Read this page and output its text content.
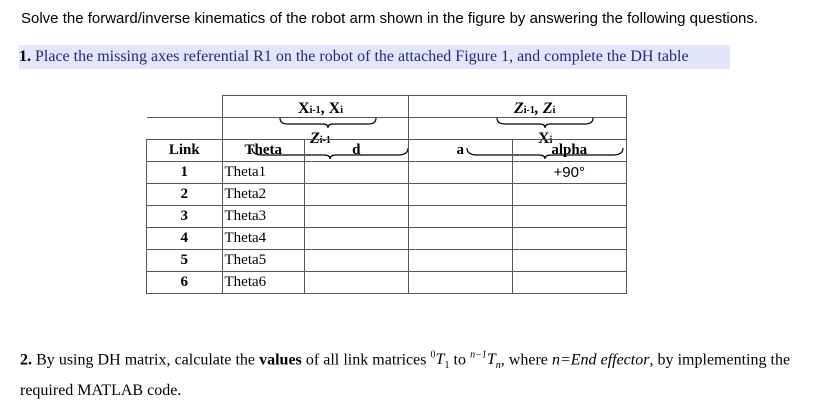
Solve the forward/inverse kinematics of the robot arm shown in the figure by answering the following questions.
1. Place the missing axes referential R1 on the robot of the attached Figure 1, and complete the DH table
Xi-1, Xi
Zi-1
Zi-1, Zi
Xi

Link	Theta	d	a	alpha
1	Theta1			+90°
2	Theta2			
3	Theta3			
4	Theta4			
5	Theta5			
6	Theta6			
2. By using DH matrix, calculate the values of all link matrices $^0T_1$ to $^{n-1}T_n$, where n=End effector, by implementing the required MATLAB code.
